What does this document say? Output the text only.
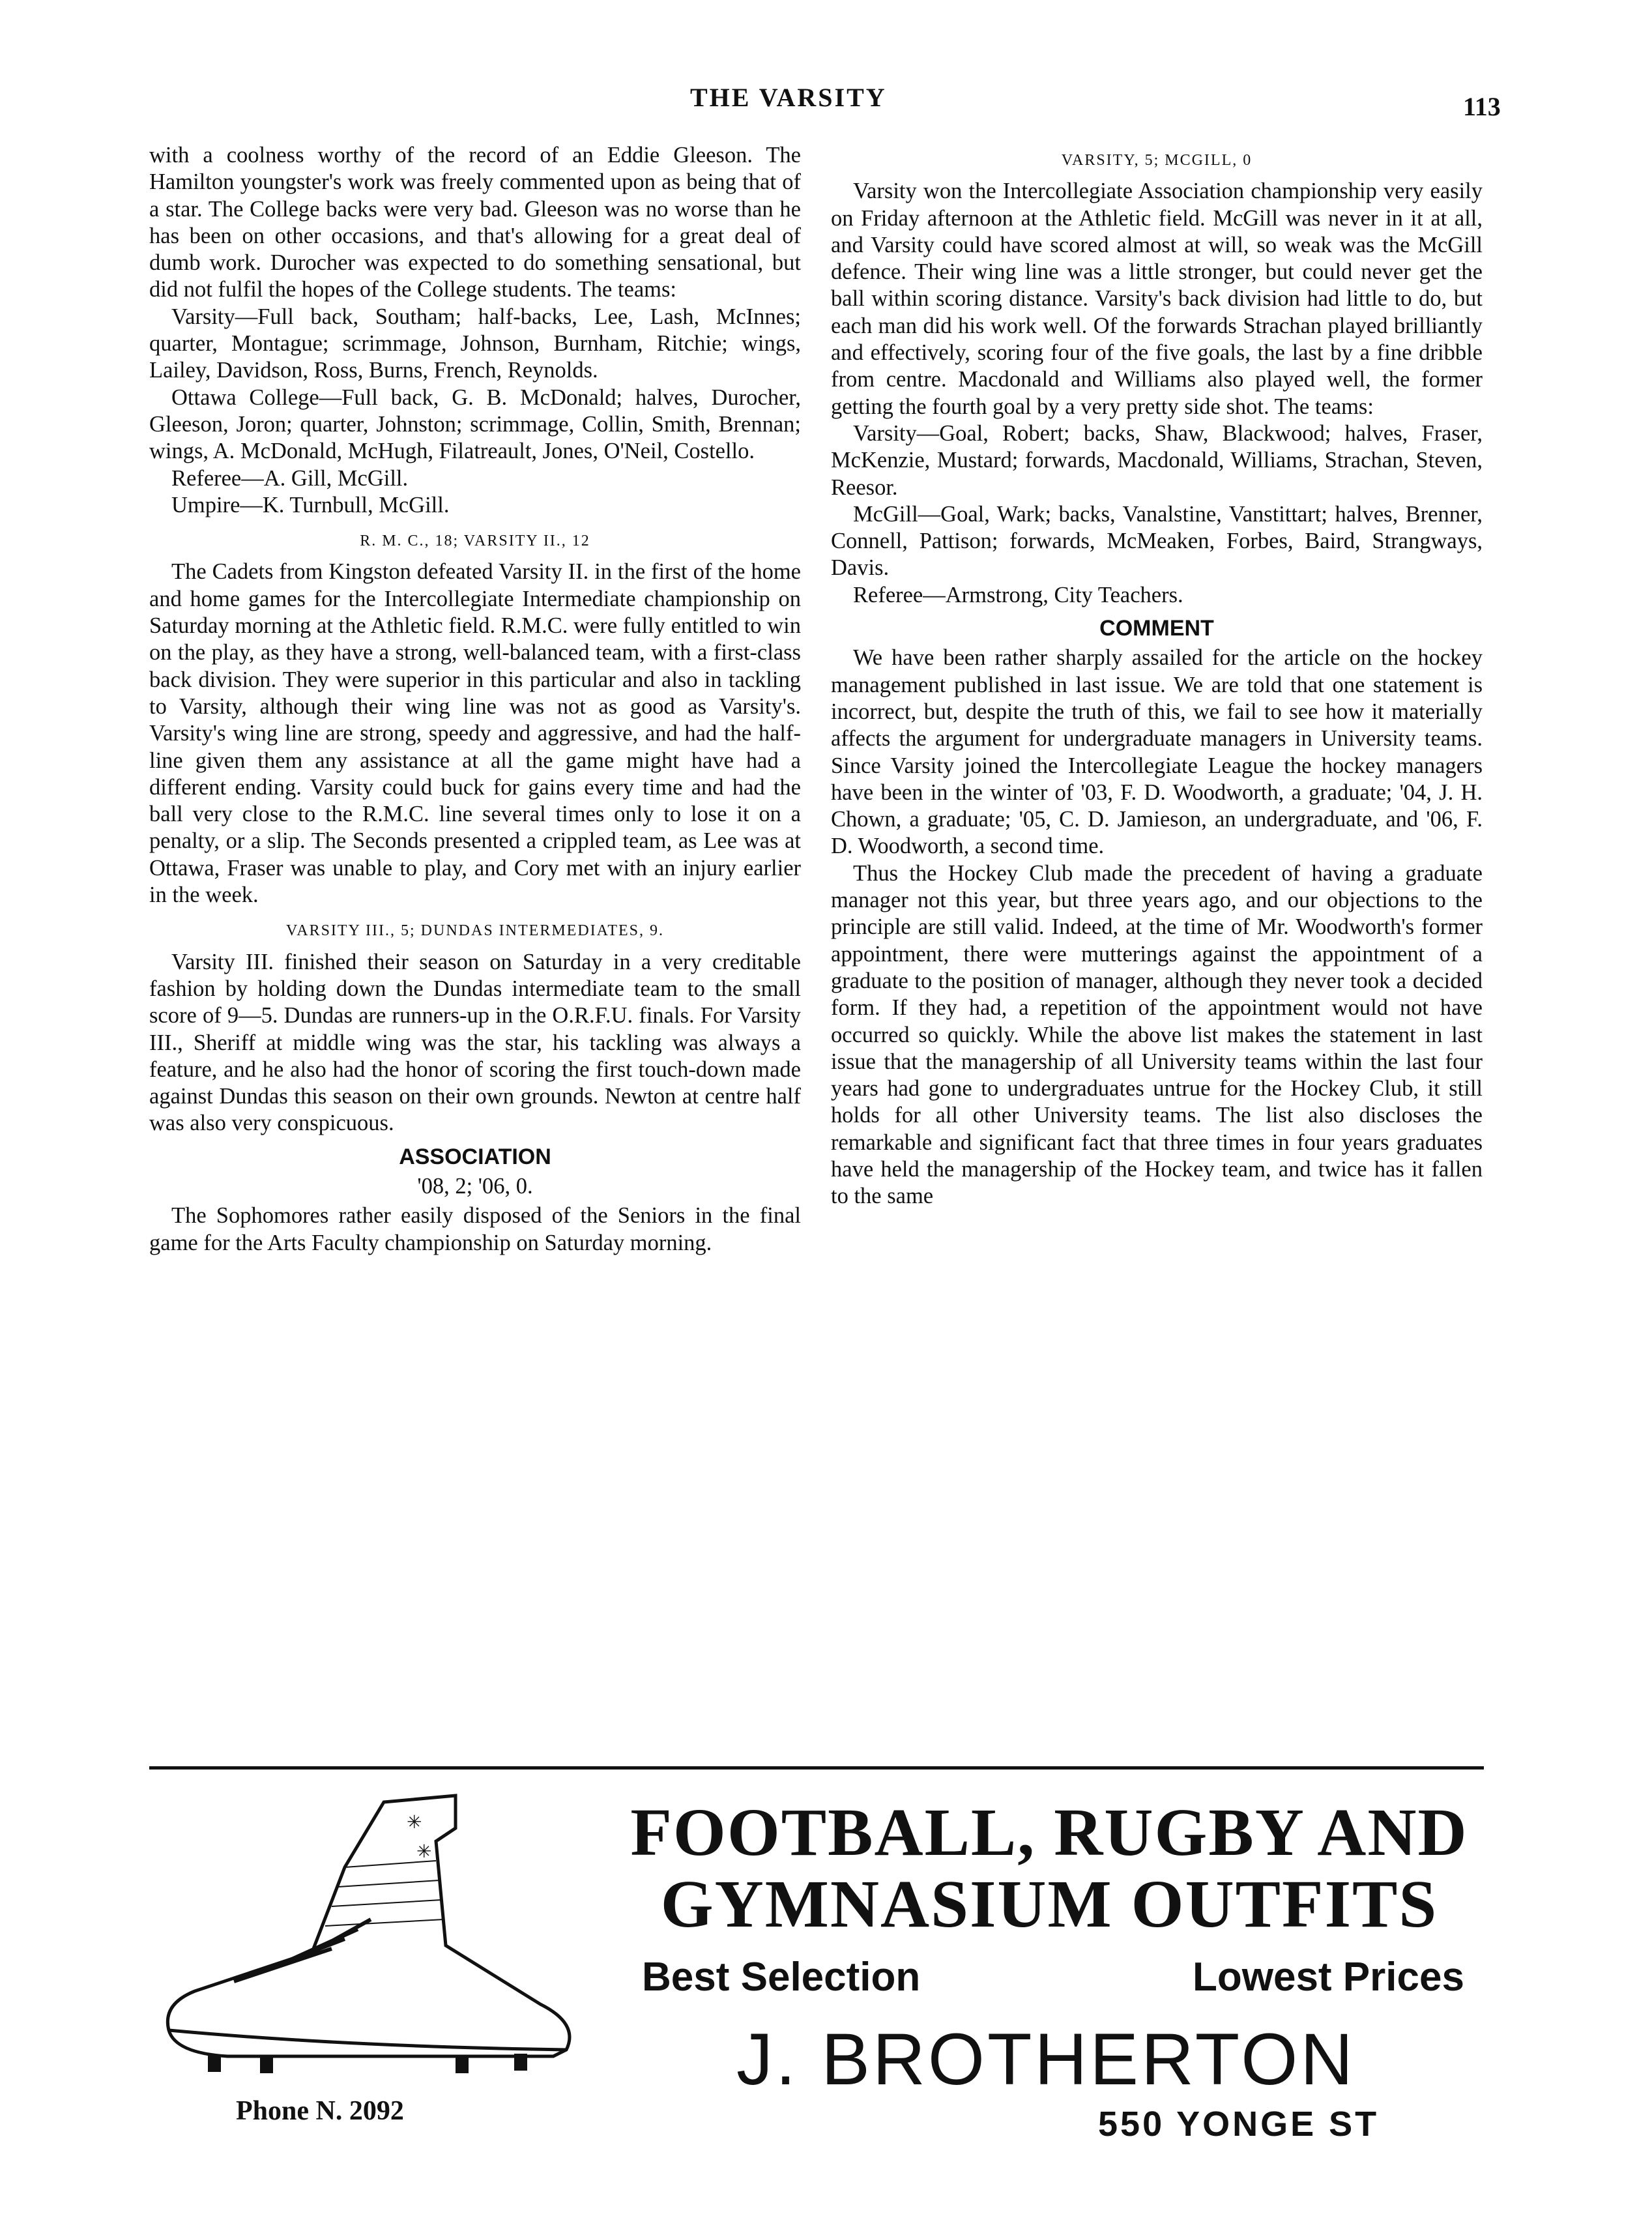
THE VARSITY	113

with a coolness worthy of the record of an Eddie Gleeson. The Hamilton youngster's work was freely commented upon as being that of a star. The College backs were very bad. Gleeson was no worse than he has been on other occasions, and that's allowing for a great deal of dumb work. Durocher was expected to do something sensational, but did not fulfil the hopes of the College students. The teams:

Varsity—Full back, Southam; half-backs, Lee, Lash, McInnes; quarter, Montague; scrimmage, Johnson, Burnham, Ritchie; wings, Lailey, Davidson, Ross, Burns, French, Reynolds.

Ottawa College—Full back, G. B. McDonald; halves, Durocher, Gleeson, Joron; quarter, Johnston; scrimmage, Collin, Smith, Brennan; wings, A. McDonald, McHugh, Filatreault, Jones, O'Neil, Costello.

Referee—A. Gill, McGill.

Umpire—K. Turnbull, McGill.

R. M. C., 18; VARSITY II., 12

The Cadets from Kingston defeated Varsity II. in the first of the home and home games for the Intercollegiate Intermediate championship on Saturday morning at the Athletic field. R.M.C. were fully entitled to win on the play, as they have a strong, well-balanced team, with a first-class back division. They were superior in this particular and also in tackling to Varsity, although their wing line was not as good as Varsity's. Varsity's wing line are strong, speedy and aggressive, and had the half-line given them any assistance at all the game might have had a different ending. Varsity could buck for gains every time and had the ball very close to the R.M.C. line several times only to lose it on a penalty, or a slip. The Seconds presented a crippled team, as Lee was at Ottawa, Fraser was unable to play, and Cory met with an injury earlier in the week.

VARSITY III., 5; DUNDAS INTERMEDIATES, 9.

Varsity III. finished their season on Saturday in a very creditable fashion by holding down the Dundas intermediate team to the small score of 9—5. Dundas are runners-up in the O.R.F.U. finals. For Varsity III., Sheriff at middle wing was the star, his tackling was always a feature, and he also had the honor of scoring the first touch-down made against Dundas this season on their own grounds. Newton at centre half was also very conspicuous.

ASSOCIATION
'08, 2; '06, 0.

The Sophomores rather easily disposed of the Seniors in the final game for the Arts Faculty championship on Saturday morning.

VARSITY, 5; MCGILL, 0

Varsity won the Intercollegiate Association championship very easily on Friday afternoon at the Athletic field. McGill was never in it at all, and Varsity could have scored almost at will, so weak was the McGill defence. Their wing line was a little stronger, but could never get the ball within scoring distance. Varsity's back division had little to do, but each man did his work well. Of the forwards Strachan played brilliantly and effectively, scoring four of the five goals, the last by a fine dribble from centre. Macdonald and Williams also played well, the former getting the fourth goal by a very pretty side shot. The teams:

Varsity—Goal, Robert; backs, Shaw, Blackwood; halves, Fraser, McKenzie, Mustard; forwards, Macdonald, Williams, Strachan, Steven, Reesor.

McGill—Goal, Wark; backs, Vanalstine, Vanstittart; halves, Brenner, Connell, Pattison; forwards, McMeaken, Forbes, Baird, Strangways, Davis.

Referee—Armstrong, City Teachers.

COMMENT

We have been rather sharply assailed for the article on the hockey management published in last issue. We are told that one statement is incorrect, but, despite the truth of this, we fail to see how it materially affects the argument for undergraduate managers in University teams. Since Varsity joined the Intercollegiate League the hockey managers have been in the winter of '03, F. D. Woodworth, a graduate; '04, J. H. Chown, a graduate; '05, C. D. Jamieson, an undergraduate, and '06, F. D. Woodworth, a second time.

Thus the Hockey Club made the precedent of having a graduate manager not this year, but three years ago, and our objections to the principle are still valid. Indeed, at the time of Mr. Woodworth's former appointment, there were mutterings against the appointment of a graduate to the position of manager, although they never took a decided form. If they had, a repetition of the appointment would not have occurred so quickly. While the above list makes the statement in last issue that the managership of all University teams within the last four years had gone to undergraduates untrue for the Hockey Club, it still holds for all other University teams. The list also discloses the remarkable and significant fact that three times in four years graduates have held the managership of the Hockey team, and twice has it fallen to the same

✳
✳
Phone N. 2092
FOOTBALL, RUGBY AND
GYMNASIUM OUTFITS
Best Selection	Lowest Prices
J. BROTHERTON
550 YONGE ST
